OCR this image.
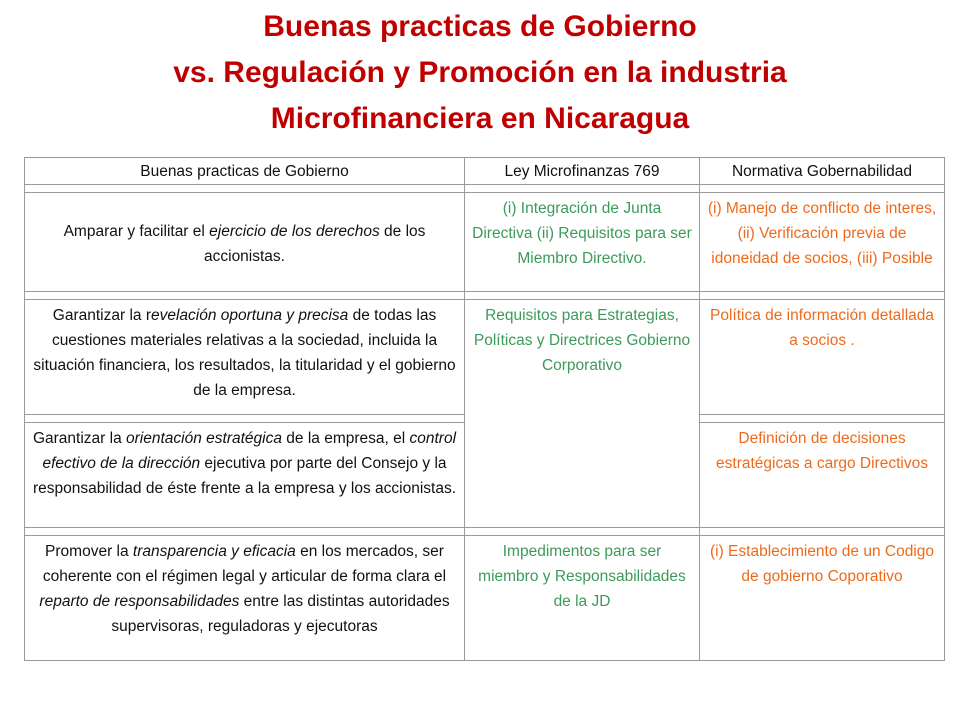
Buenas practicas de Gobierno
vs. Regulación y Promoción en la industria
Microfinanciera en Nicaragua
Buenas practicas de Gobierno	Ley Microfinanzas 769	Normativa Gobernabilidad

Amparar y facilitar el ejercicio de los derechos de los accionistas.	(i) Integración de Junta Directiva (ii) Requisitos para ser Miembro Directivo.	(i) Manejo de conflicto de interes, (ii) Verificación previa de idoneidad de socios, (iii) Posible

Garantizar la revelación oportuna y precisa de todas las cuestiones materiales relativas a la sociedad, incluida la situación financiera, los resultados, la titularidad y el gobierno de la empresa.	Requisitos para Estrategias, Políticas y Directrices Gobierno Corporativo	Política de información detallada a socios .

Garantizar la orientación estratégica de la empresa, el control efectivo de la dirección ejecutiva por parte del Consejo y la responsabilidad de éste frente a la empresa y los accionistas.		Definición de decisiones estratégicas a cargo Directivos

Promover la transparencia y eficacia en los mercados, ser coherente con el régimen legal y articular de forma clara el reparto de responsabilidades entre las distintas autoridades supervisoras, reguladoras y ejecutoras	Impedimentos para ser miembro y Responsabilidades de la JD	(i) Establecimiento de un Codigo de gobierno Coporativo
